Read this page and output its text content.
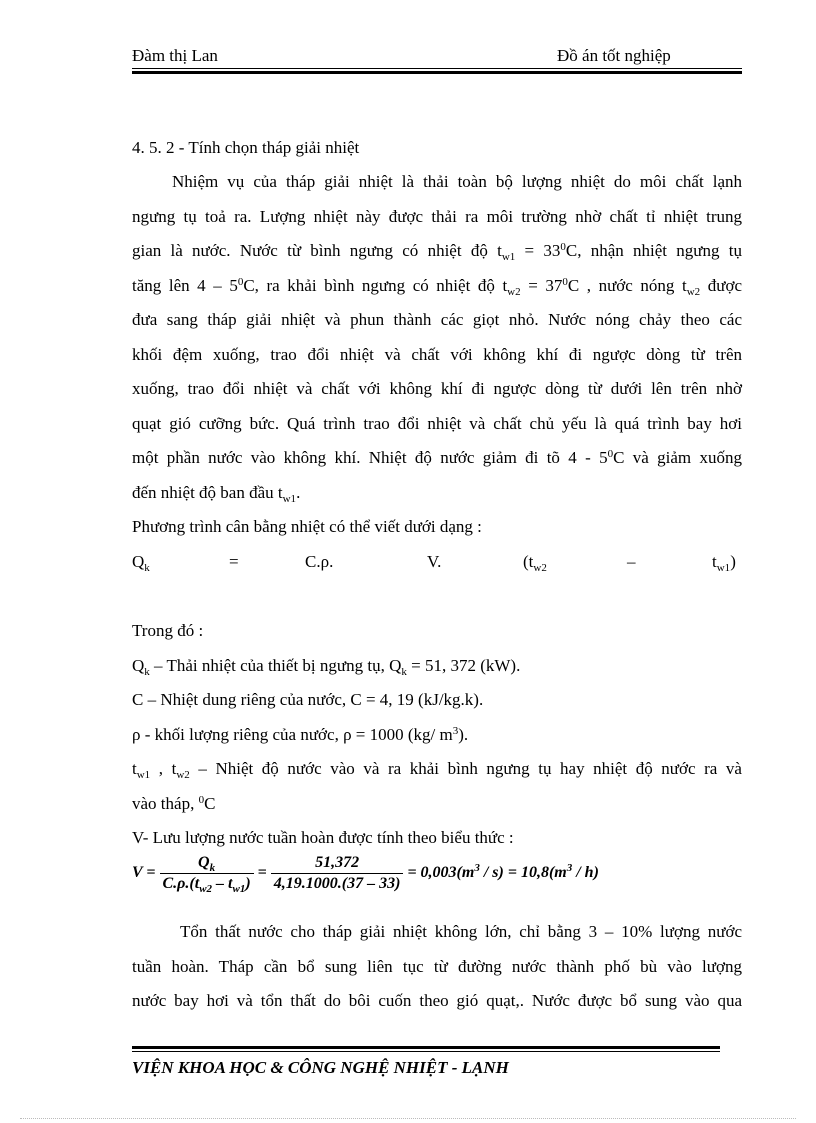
Đàm thị Lan	Đồ án tốt nghiệp

4. 5. 2 - Tính chọn tháp giải nhiệt

Nhiệm vụ của tháp giải nhiệt là thải toàn bộ lượng nhiệt do môi chất lạnh

ngưng tụ toả ra. Lượng nhiệt này được thải ra môi trường nhờ chất tỉ nhiệt trung

gian là nước. Nước từ bình ngưng có nhiệt độ $t_{w1} = 33^0C$, nhận nhiệt ngưng tụ

tăng lên $4 - 5^0C$, ra khải bình ngưng có nhiệt độ $t_{w2} = 37^0C$ , nước nóng $t_{w2}$ được

đưa sang tháp giải nhiệt và phun thành các giọt nhỏ. Nước nóng chảy theo các

khối đệm xuống, trao đổi nhiệt và chất với không khí đi ngược dòng từ trên

xuống, trao đổi nhiệt và chất với không khí đi ngược dòng từ dưới lên trên nhờ

quạt gió cưỡng bức. Quá trình trao đổi nhiệt và chất chủ yếu là quá trình bay hơi

một phần nước vào không khí. Nhiệt độ nước giảm đi tõ $4 - 5^0C$ và giảm xuống

đến nhiệt độ ban đầu $t_{w1}$.

Phương trình cân bằng nhiệt có thể viết dưới dạng :

$Q_k$	=	C.ρ.	V.	($t_{w2}$	–	$t_{w1}$)

Trong đó :

$Q_k$ – Thải nhiệt của thiết bị ngưng tụ, $Q_k = 51$, 372 (kW).

C – Nhiệt dung riêng của nước, C = 4, 19 (kJ/kg.k).

ρ - khối lượng riêng của nước, ρ = 1000 (kg/ $m^3$).

$t_{w1}$ , $t_{w2}$ – Nhiệt độ nước vào và ra khải bình ngưng tụ hay nhiệt độ nước ra và

vào tháp, $^0$C

V- Lưu lượng nước tuần hoàn được tính theo biểu thức :

$V = \frac{Q_k}{C.\rho.(t_{w2} - t_{w1})} = \frac{51,372}{4,19.1000.(37 - 33)} = 0,003(m^3 / s) = 10,8(m^3 / h)$

Tổn thất nước cho tháp giải nhiệt không lớn, chỉ bằng 3 – 10% lượng nước

tuần hoàn. Tháp cần bổ sung liên tục từ đường nước thành phố bù vào lượng

nước bay hơi và tổn thất do bôi cuốn theo gió quạt,. Nước được bổ sung vào qua

VIỆN KHOA HỌC & CÔNG NGHỆ NHIỆT - LẠNH
